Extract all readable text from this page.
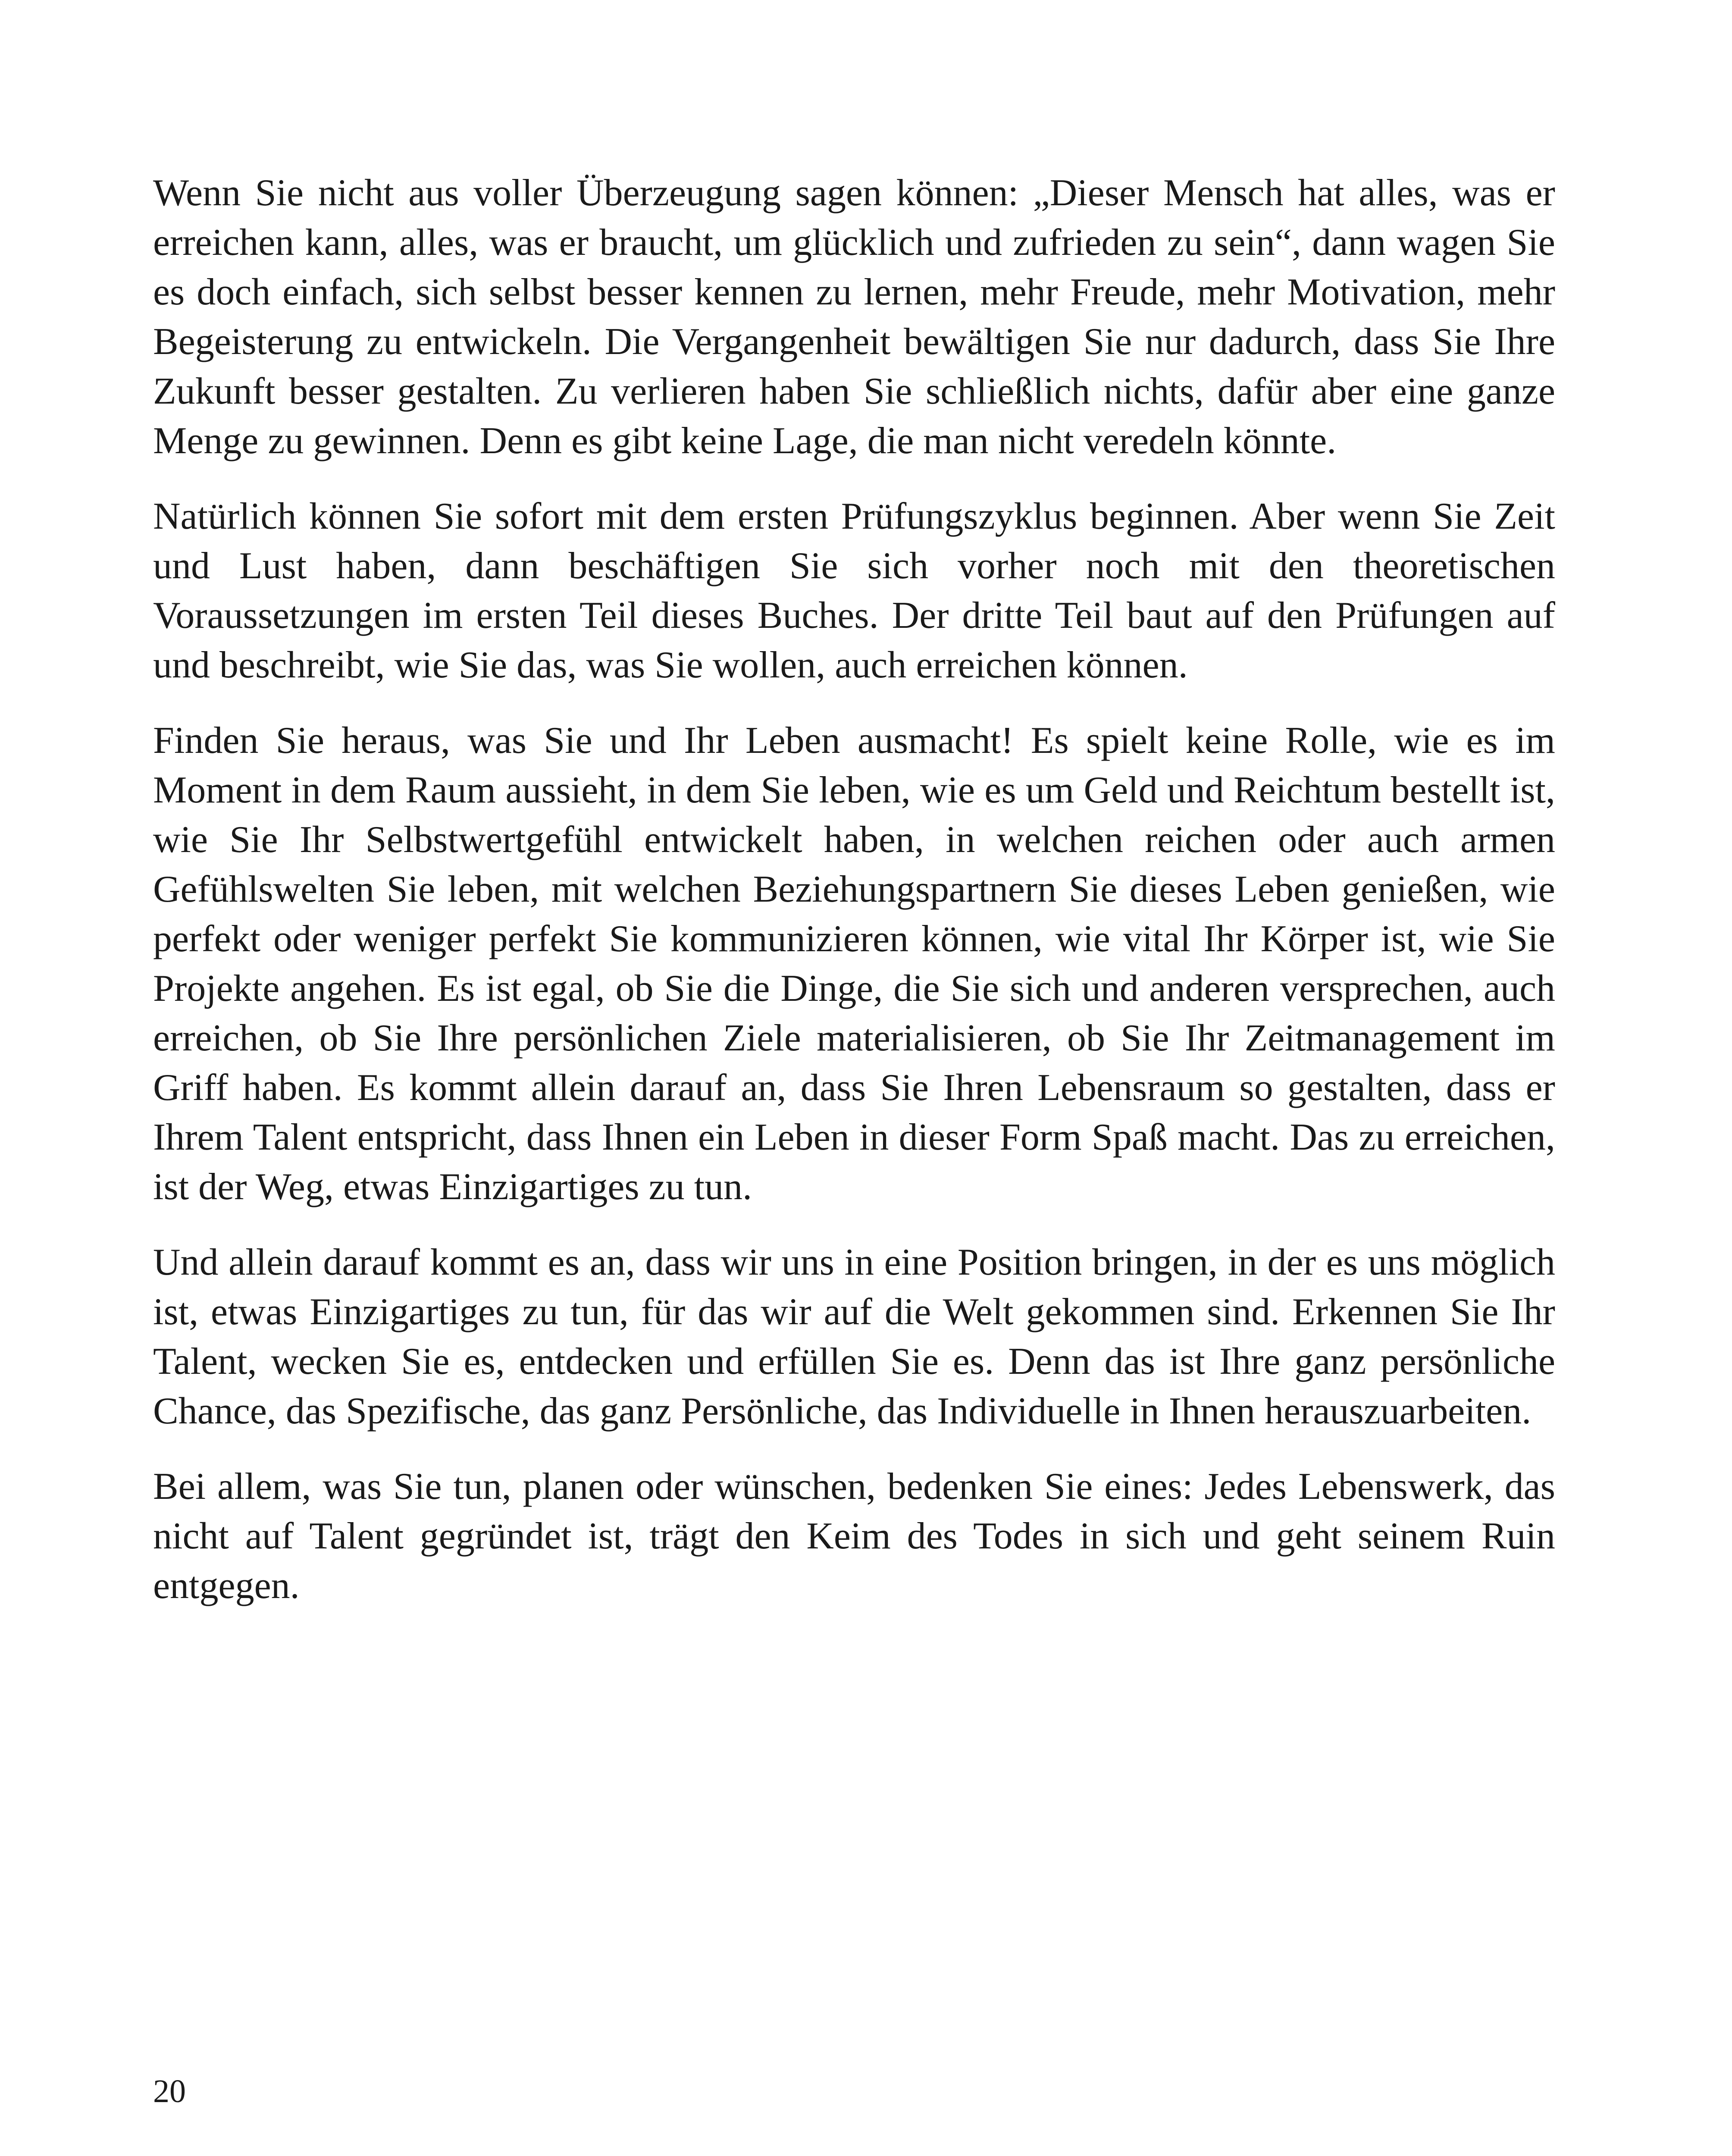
Wenn Sie nicht aus voller Überzeugung sagen können: „Dieser Mensch hat alles, was er erreichen kann, alles, was er braucht, um glücklich und zufrieden zu sein“, dann wagen Sie es doch einfach, sich selbst besser kennen zu lernen, mehr Freude, mehr Motivation, mehr Begeisterung zu entwickeln. Die Vergangenheit bewältigen Sie nur dadurch, dass Sie Ihre Zukunft besser gestalten. Zu verlieren haben Sie schließlich nichts, dafür aber eine ganze Menge zu gewinnen. Denn es gibt keine Lage, die man nicht veredeln könnte.

Natürlich können Sie sofort mit dem ersten Prüfungszyklus beginnen. Aber wenn Sie Zeit und Lust haben, dann beschäftigen Sie sich vorher noch mit den theoretischen Voraussetzungen im ersten Teil dieses Buches. Der dritte Teil baut auf den Prüfungen auf und beschreibt, wie Sie das, was Sie wollen, auch erreichen können.

Finden Sie heraus, was Sie und Ihr Leben ausmacht! Es spielt keine Rolle, wie es im Moment in dem Raum aussieht, in dem Sie leben, wie es um Geld und Reichtum bestellt ist, wie Sie Ihr Selbstwertgefühl entwickelt haben, in welchen reichen oder auch armen Gefühlswelten Sie leben, mit welchen Beziehungspartnern Sie dieses Leben genießen, wie perfekt oder weniger perfekt Sie kommunizieren können, wie vital Ihr Körper ist, wie Sie Projekte angehen. Es ist egal, ob Sie die Dinge, die Sie sich und anderen versprechen, auch erreichen, ob Sie Ihre persönlichen Ziele materialisieren, ob Sie Ihr Zeitmanagement im Griff haben. Es kommt allein darauf an, dass Sie Ihren Lebensraum so gestalten, dass er Ihrem Talent entspricht, dass Ihnen ein Leben in dieser Form Spaß macht. Das zu erreichen, ist der Weg, etwas Einzigartiges zu tun.

Und allein darauf kommt es an, dass wir uns in eine Position bringen, in der es uns möglich ist, etwas Einzigartiges zu tun, für das wir auf die Welt gekommen sind. Erkennen Sie Ihr Talent, wecken Sie es, entdecken und erfüllen Sie es. Denn das ist Ihre ganz persönliche Chance, das Spezifische, das ganz Persönliche, das Individuelle in Ihnen herauszuarbeiten.

Bei allem, was Sie tun, planen oder wünschen, bedenken Sie eines: Jedes Lebenswerk, das nicht auf Talent gegründet ist, trägt den Keim des Todes in sich und geht seinem Ruin entgegen.

20
